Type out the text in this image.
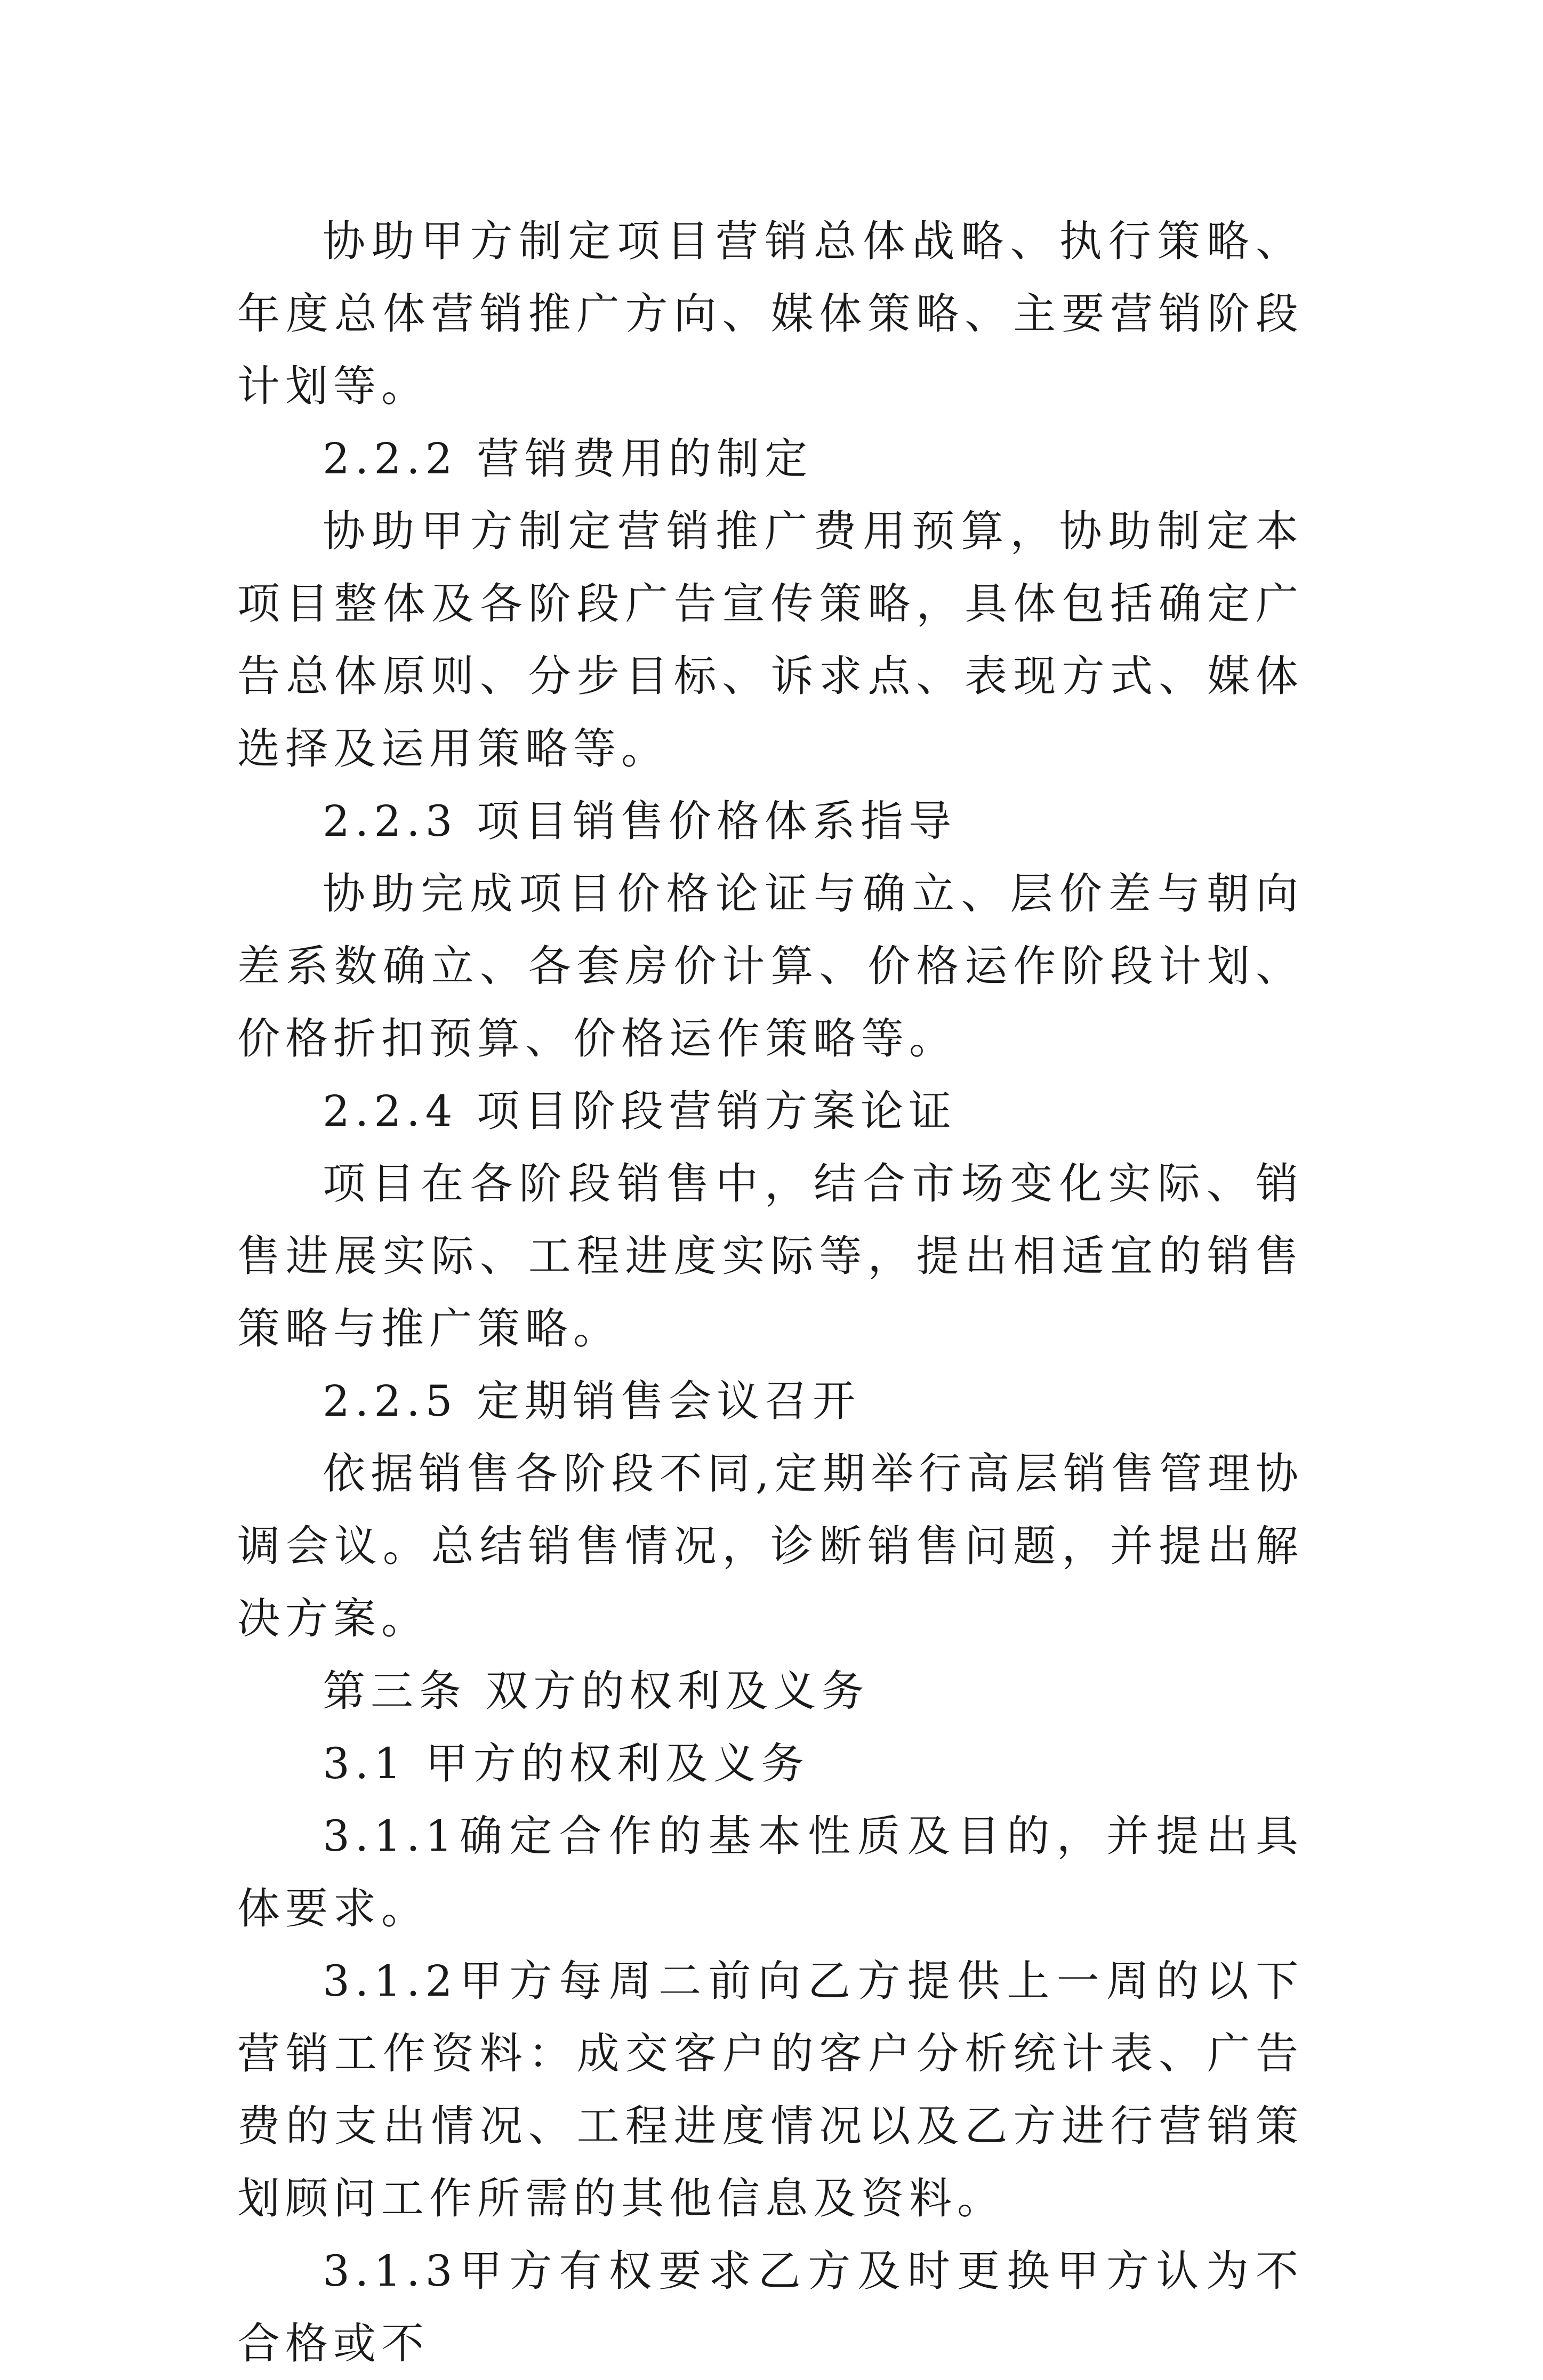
协助甲方制定项目营销总体战略、执行策略、年度总体营销推广方向、媒体策略、主要营销阶段计划等。

2.2.2 营销费用的制定

协助甲方制定营销推广费用预算，协助制定本项目整体及各阶段广告宣传策略，具体包括确定广告总体原则、分步目标、诉求点、表现方式、媒体选择及运用策略等。

2.2.3 项目销售价格体系指导

协助完成项目价格论证与确立、层价差与朝向差系数确立、各套房价计算、价格运作阶段计划、价格折扣预算、价格运作策略等。

2.2.4 项目阶段营销方案论证

项目在各阶段销售中，结合市场变化实际、销售进展实际、工程进度实际等，提出相适宜的销售策略与推广策略。

2.2.5 定期销售会议召开

依据销售各阶段不同,定期举行高层销售管理协调会议。总结销售情况，诊断销售问题，并提出解决方案。

第三条 双方的权利及义务

3.1 甲方的权利及义务

3.1.1确定合作的基本性质及目的，并提出具体要求。

3.1.2甲方每周二前向乙方提供上一周的以下营销工作资料：成交客户的客户分析统计表、广告费的支出情况、工程进度情况以及乙方进行营销策划顾问工作所需的其他信息及资料。

3.1.3甲方有权要求乙方及时更换甲方认为不合格或不
